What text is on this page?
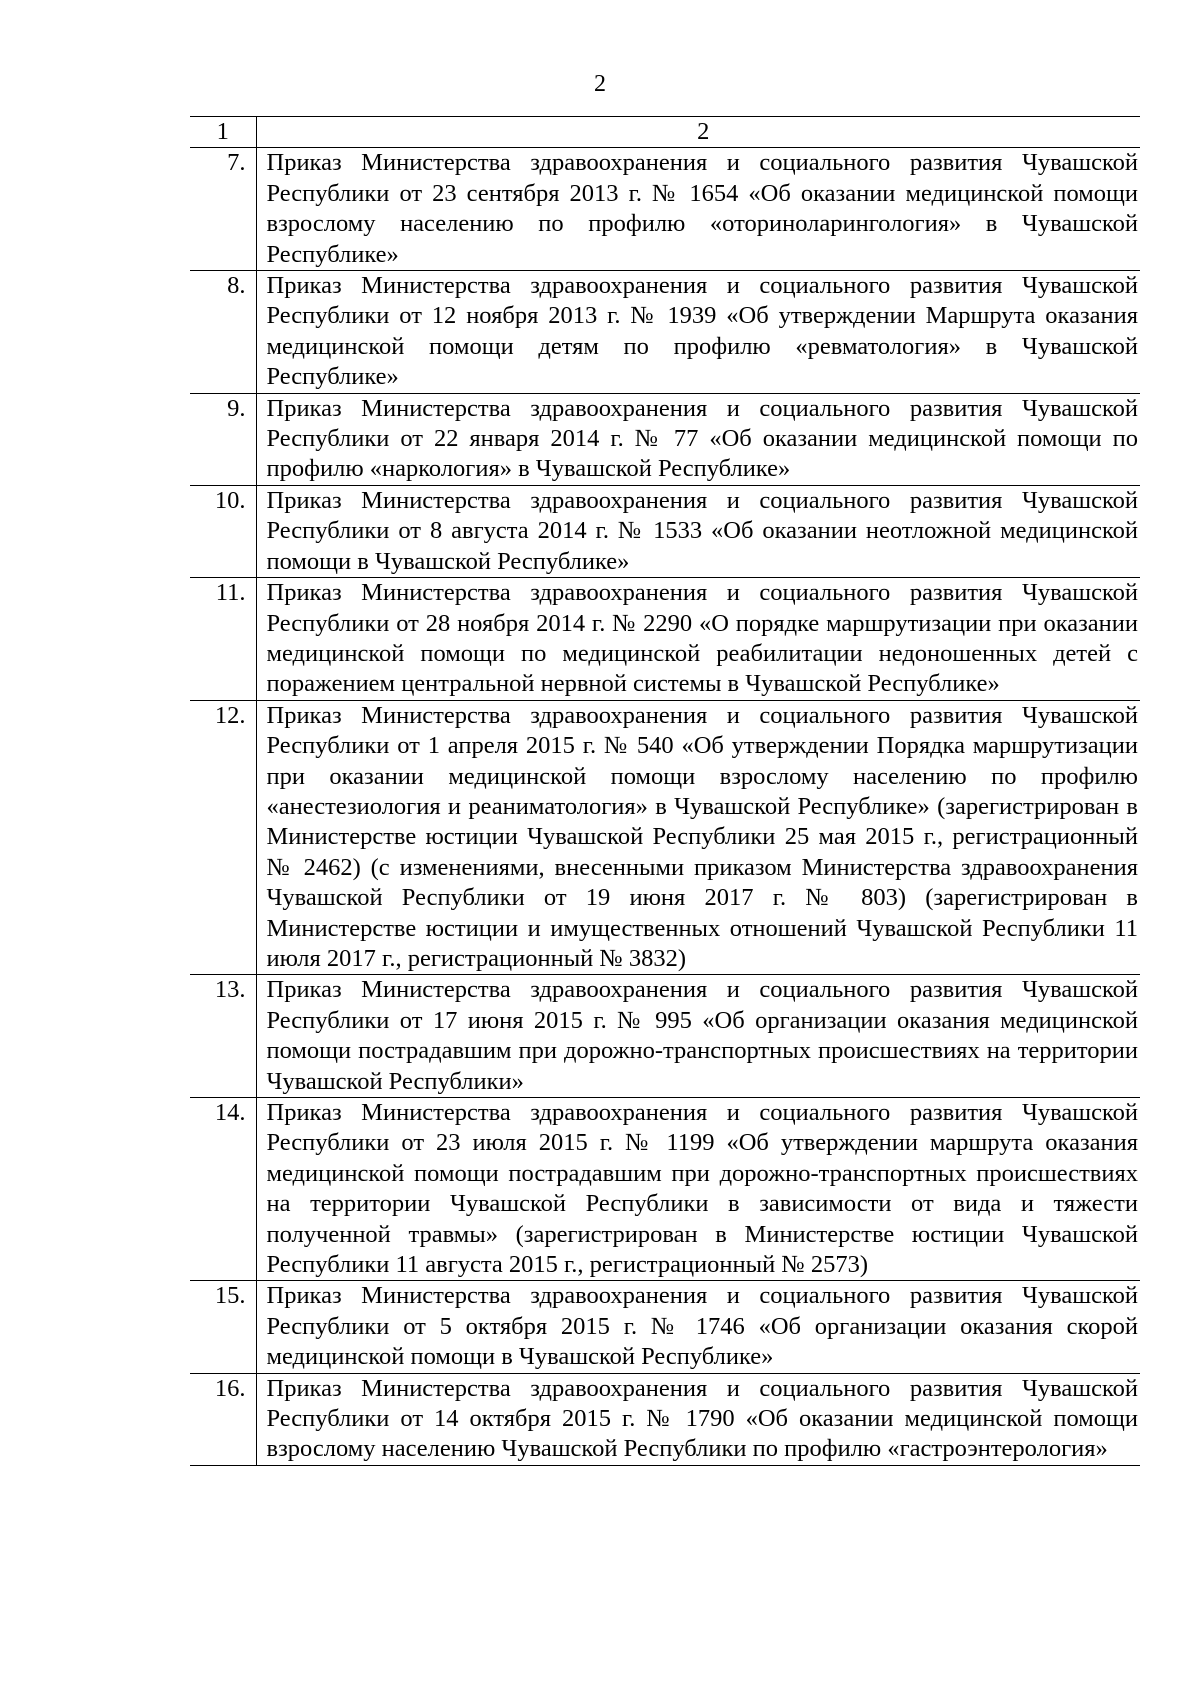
2
1	2
7.	Приказ Министерства здравоохранения и социального развития Чувашской Республики от 23 сентября 2013 г. № 1654 «Об оказании медицинской помощи взрослому населению по профилю «оториноларингология» в Чувашской Республике»
8.	Приказ Министерства здравоохранения и социального развития Чувашской Республики от 12 ноября 2013 г. № 1939 «Об утверждении Маршрута оказания медицинской помощи детям по профилю «ревматология» в Чувашской Республике»
9.	Приказ Министерства здравоохранения и социального развития Чувашской Республики от 22 января 2014 г. № 77 «Об оказании медицинской помощи по профилю «наркология» в Чувашской Республике»
10.	Приказ Министерства здравоохранения и социального развития Чувашской Республики от 8 августа 2014 г. № 1533 «Об оказании неотложной медицинской помощи в Чувашской Республике»
11.	Приказ Министерства здравоохранения и социального развития Чувашской Республики от 28 ноября 2014 г. № 2290 «О порядке маршрутизации при оказании медицинской помощи по медицинской реабилитации недоношенных детей с поражением центральной нервной системы в Чувашской Республике»
12.	Приказ Министерства здравоохранения и социального развития Чувашской Республики от 1 апреля 2015 г. № 540 «Об утверждении Порядка маршрутизации при оказании медицинской помощи взрослому населению по профилю «анестезиология и реаниматология» в Чувашской Республике» (зарегистрирован в Министерстве юстиции Чувашской Республики 25 мая 2015 г., регистрационный № 2462) (с изменениями, внесенными приказом Министерства здравоохранения Чувашской Республики от 19 июня 2017 г. № 803) (зарегистрирован в Министерстве юстиции и имущественных отношений Чувашской Республики 11 июля 2017 г., регистрационный № 3832)
13.	Приказ Министерства здравоохранения и социального развития Чувашской Республики от 17 июня 2015 г. № 995 «Об организации оказания медицинской помощи пострадавшим при дорожно-транспортных происшествиях на территории Чувашской Республики»
14.	Приказ Министерства здравоохранения и социального развития Чувашской Республики от 23 июля 2015 г. № 1199 «Об утверждении маршрута оказания медицинской помощи пострадавшим при дорожно-транспортных происшествиях на территории Чувашской Республики в зависимости от вида и тяжести полученной травмы» (зарегистрирован в Министерстве юстиции Чувашской Республики 11 августа 2015 г., регистрационный № 2573)
15.	Приказ Министерства здравоохранения и социального развития Чувашской Республики от 5 октября 2015 г. № 1746 «Об организации оказания скорой медицинской помощи в Чувашской Республике»
16.	Приказ Министерства здравоохранения и социального развития Чувашской Республики от 14 октября 2015 г. № 1790 «Об оказании медицинской помощи взрослому населению Чувашской Республики по профилю «гастроэнтерология»
